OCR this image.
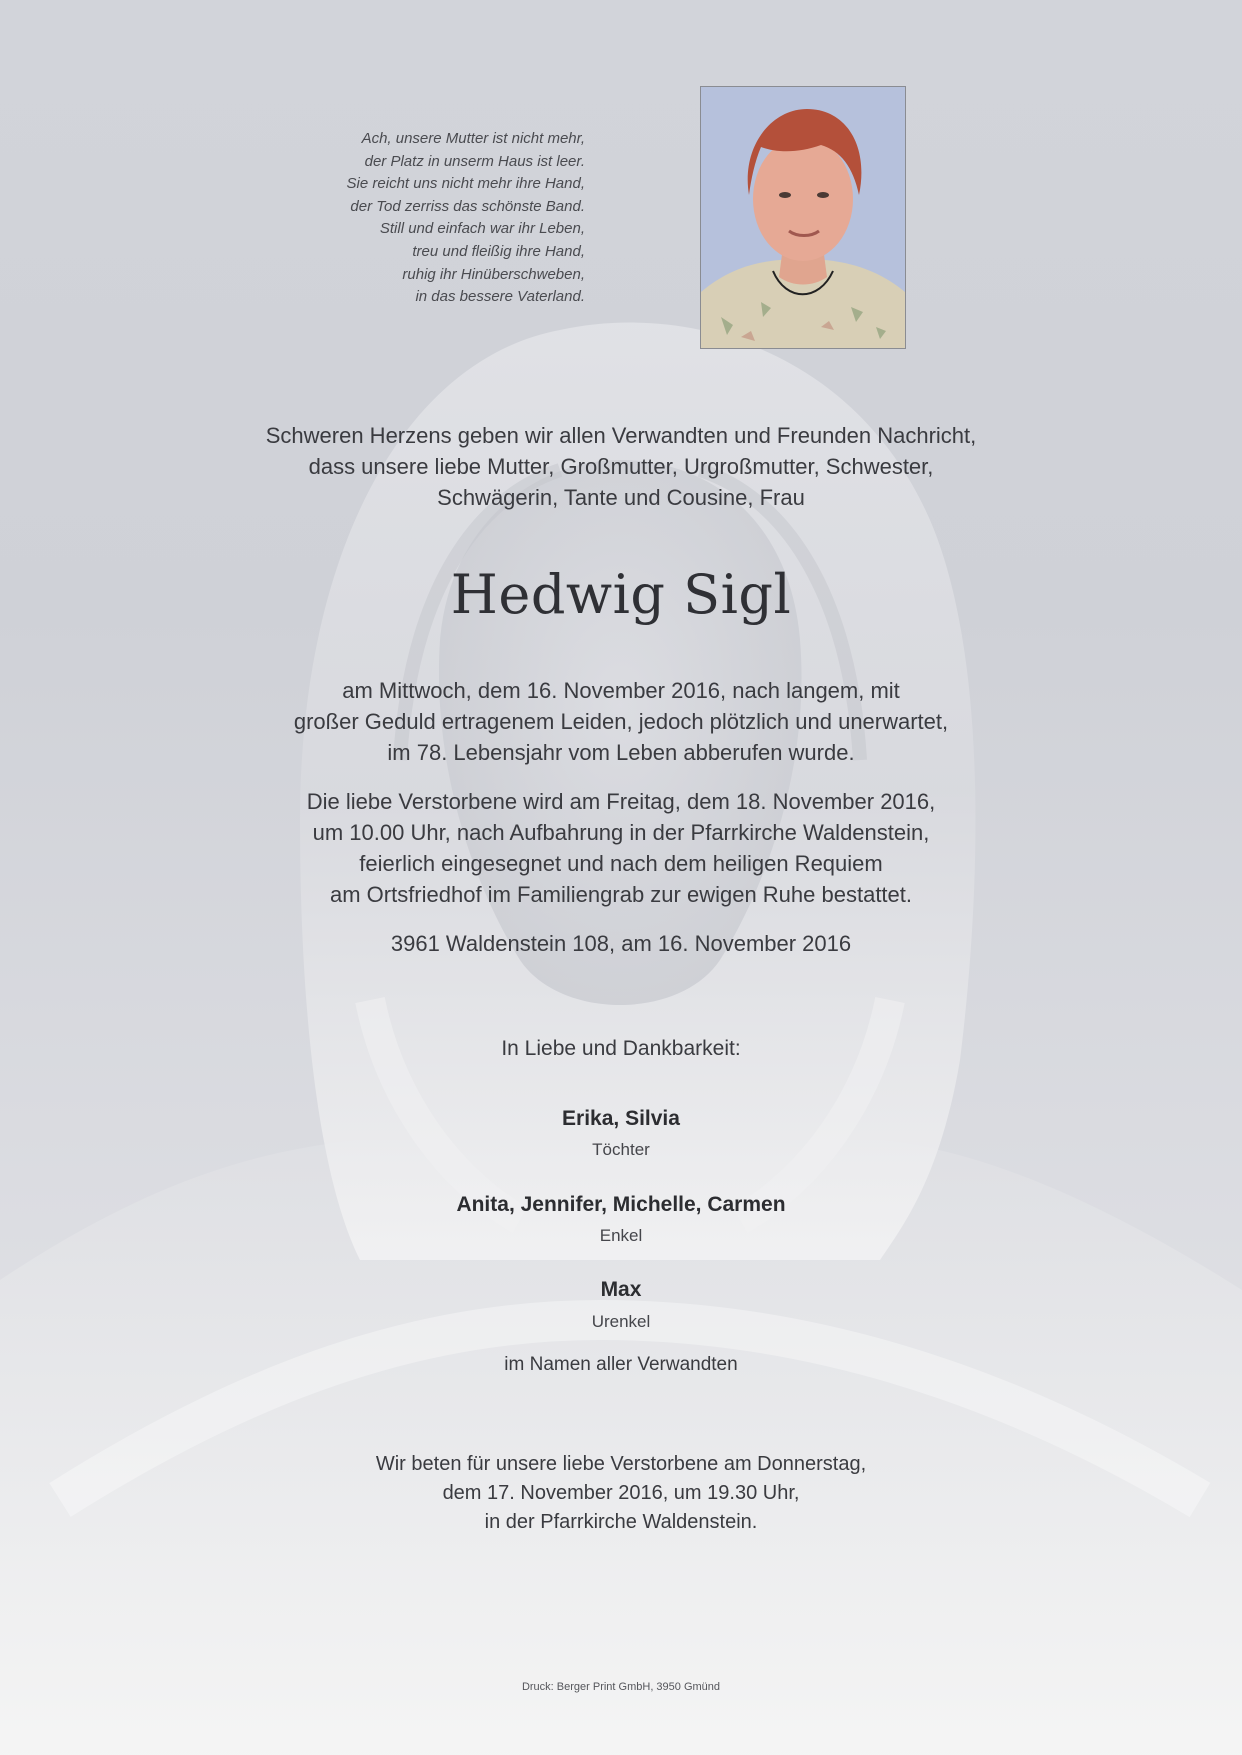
Ach, unsere Mutter ist nicht mehr,
der Platz in unserm Haus ist leer.
Sie reicht uns nicht mehr ihre Hand,
der Tod zerriss das schönste Band.
Still und einfach war ihr Leben,
treu und fleißig ihre Hand,
ruhig ihr Hinüberschweben,
in das bessere Vaterland.
Schweren Herzens geben wir allen Verwandten und Freunden Nachricht,
dass unsere liebe Mutter, Großmutter, Urgroßmutter, Schwester,
Schwägerin, Tante und Cousine, Frau
Hedwig Sigl

am Mittwoch, dem 16. November 2016, nach langem, mit
großer Geduld ertragenem Leiden, jedoch plötzlich und unerwartet,
im 78. Lebensjahr vom Leben abberufen wurde.

Die liebe Verstorbene wird am Freitag, dem 18. November 2016,
um 10.00 Uhr, nach Aufbahrung in der Pfarrkirche Waldenstein,
feierlich eingesegnet und nach dem heiligen Requiem
am Ortsfriedhof im Familiengrab zur ewigen Ruhe bestattet.

3961 Waldenstein 108, am 16. November 2016
In Liebe und Dankbarkeit:
Erika, Silvia
Töchter
Anita, Jennifer, Michelle, Carmen
Enkel
Max
Urenkel
im Namen aller Verwandten
Wir beten für unsere liebe Verstorbene am Donnerstag,
dem 17. November 2016, um 19.30 Uhr,
in der Pfarrkirche Waldenstein.
Druck: Berger Print GmbH, 3950 Gmünd
